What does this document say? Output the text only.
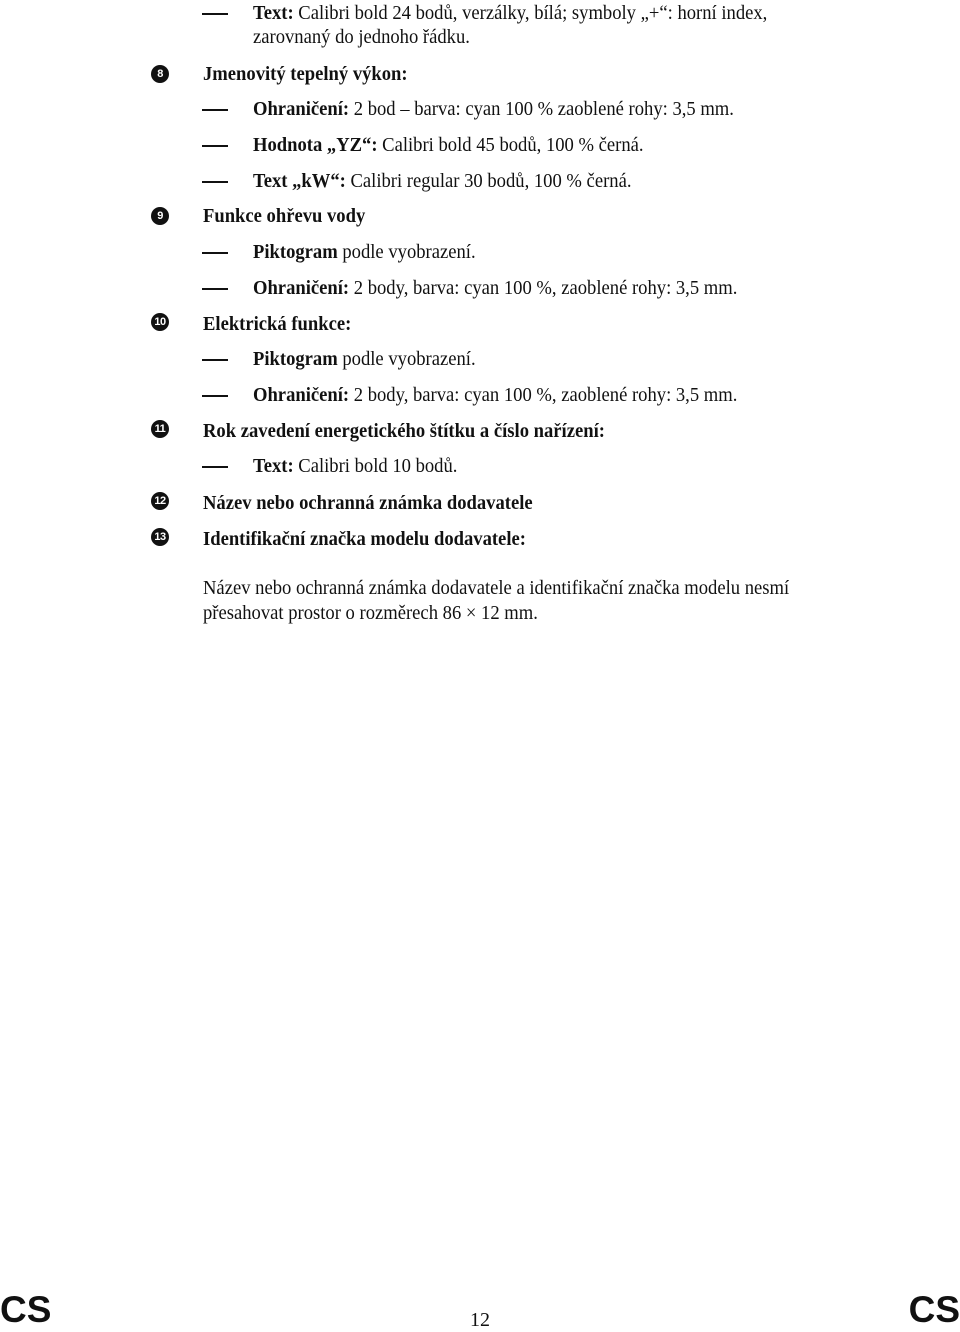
Text: Calibri bold 24 bodů, verzálky, bílá; symboly „+“: horní index,
zarovnaný do jednoho řádku.
8	Jmenovitý tepelný výkon:
Ohraničení: 2 bod – barva: cyan 100 % zaoblené rohy: 3,5 mm.
Hodnota „YZ“: Calibri bold 45 bodů, 100 % černá.
Text „kW“: Calibri regular 30 bodů, 100 % černá.
9	Funkce ohřevu vody
Piktogram podle vyobrazení.
Ohraničení: 2 body, barva: cyan 100 %, zaoblené rohy: 3,5 mm.
10 Elektrická funkce:
Piktogram podle vyobrazení.
Ohraničení: 2 body, barva: cyan 100 %, zaoblené rohy: 3,5 mm.
11 Rok zavedení energetického štítku a číslo nařízení:
Text: Calibri bold 10 bodů.
12 Název nebo ochranná známka dodavatele
13 Identifikační značka modelu dodavatele:
Název nebo ochranná známka dodavatele a identifikační značka modelu nesmí
přesahovat prostor o rozměrech 86 × 12 mm.
CS	12	CS
